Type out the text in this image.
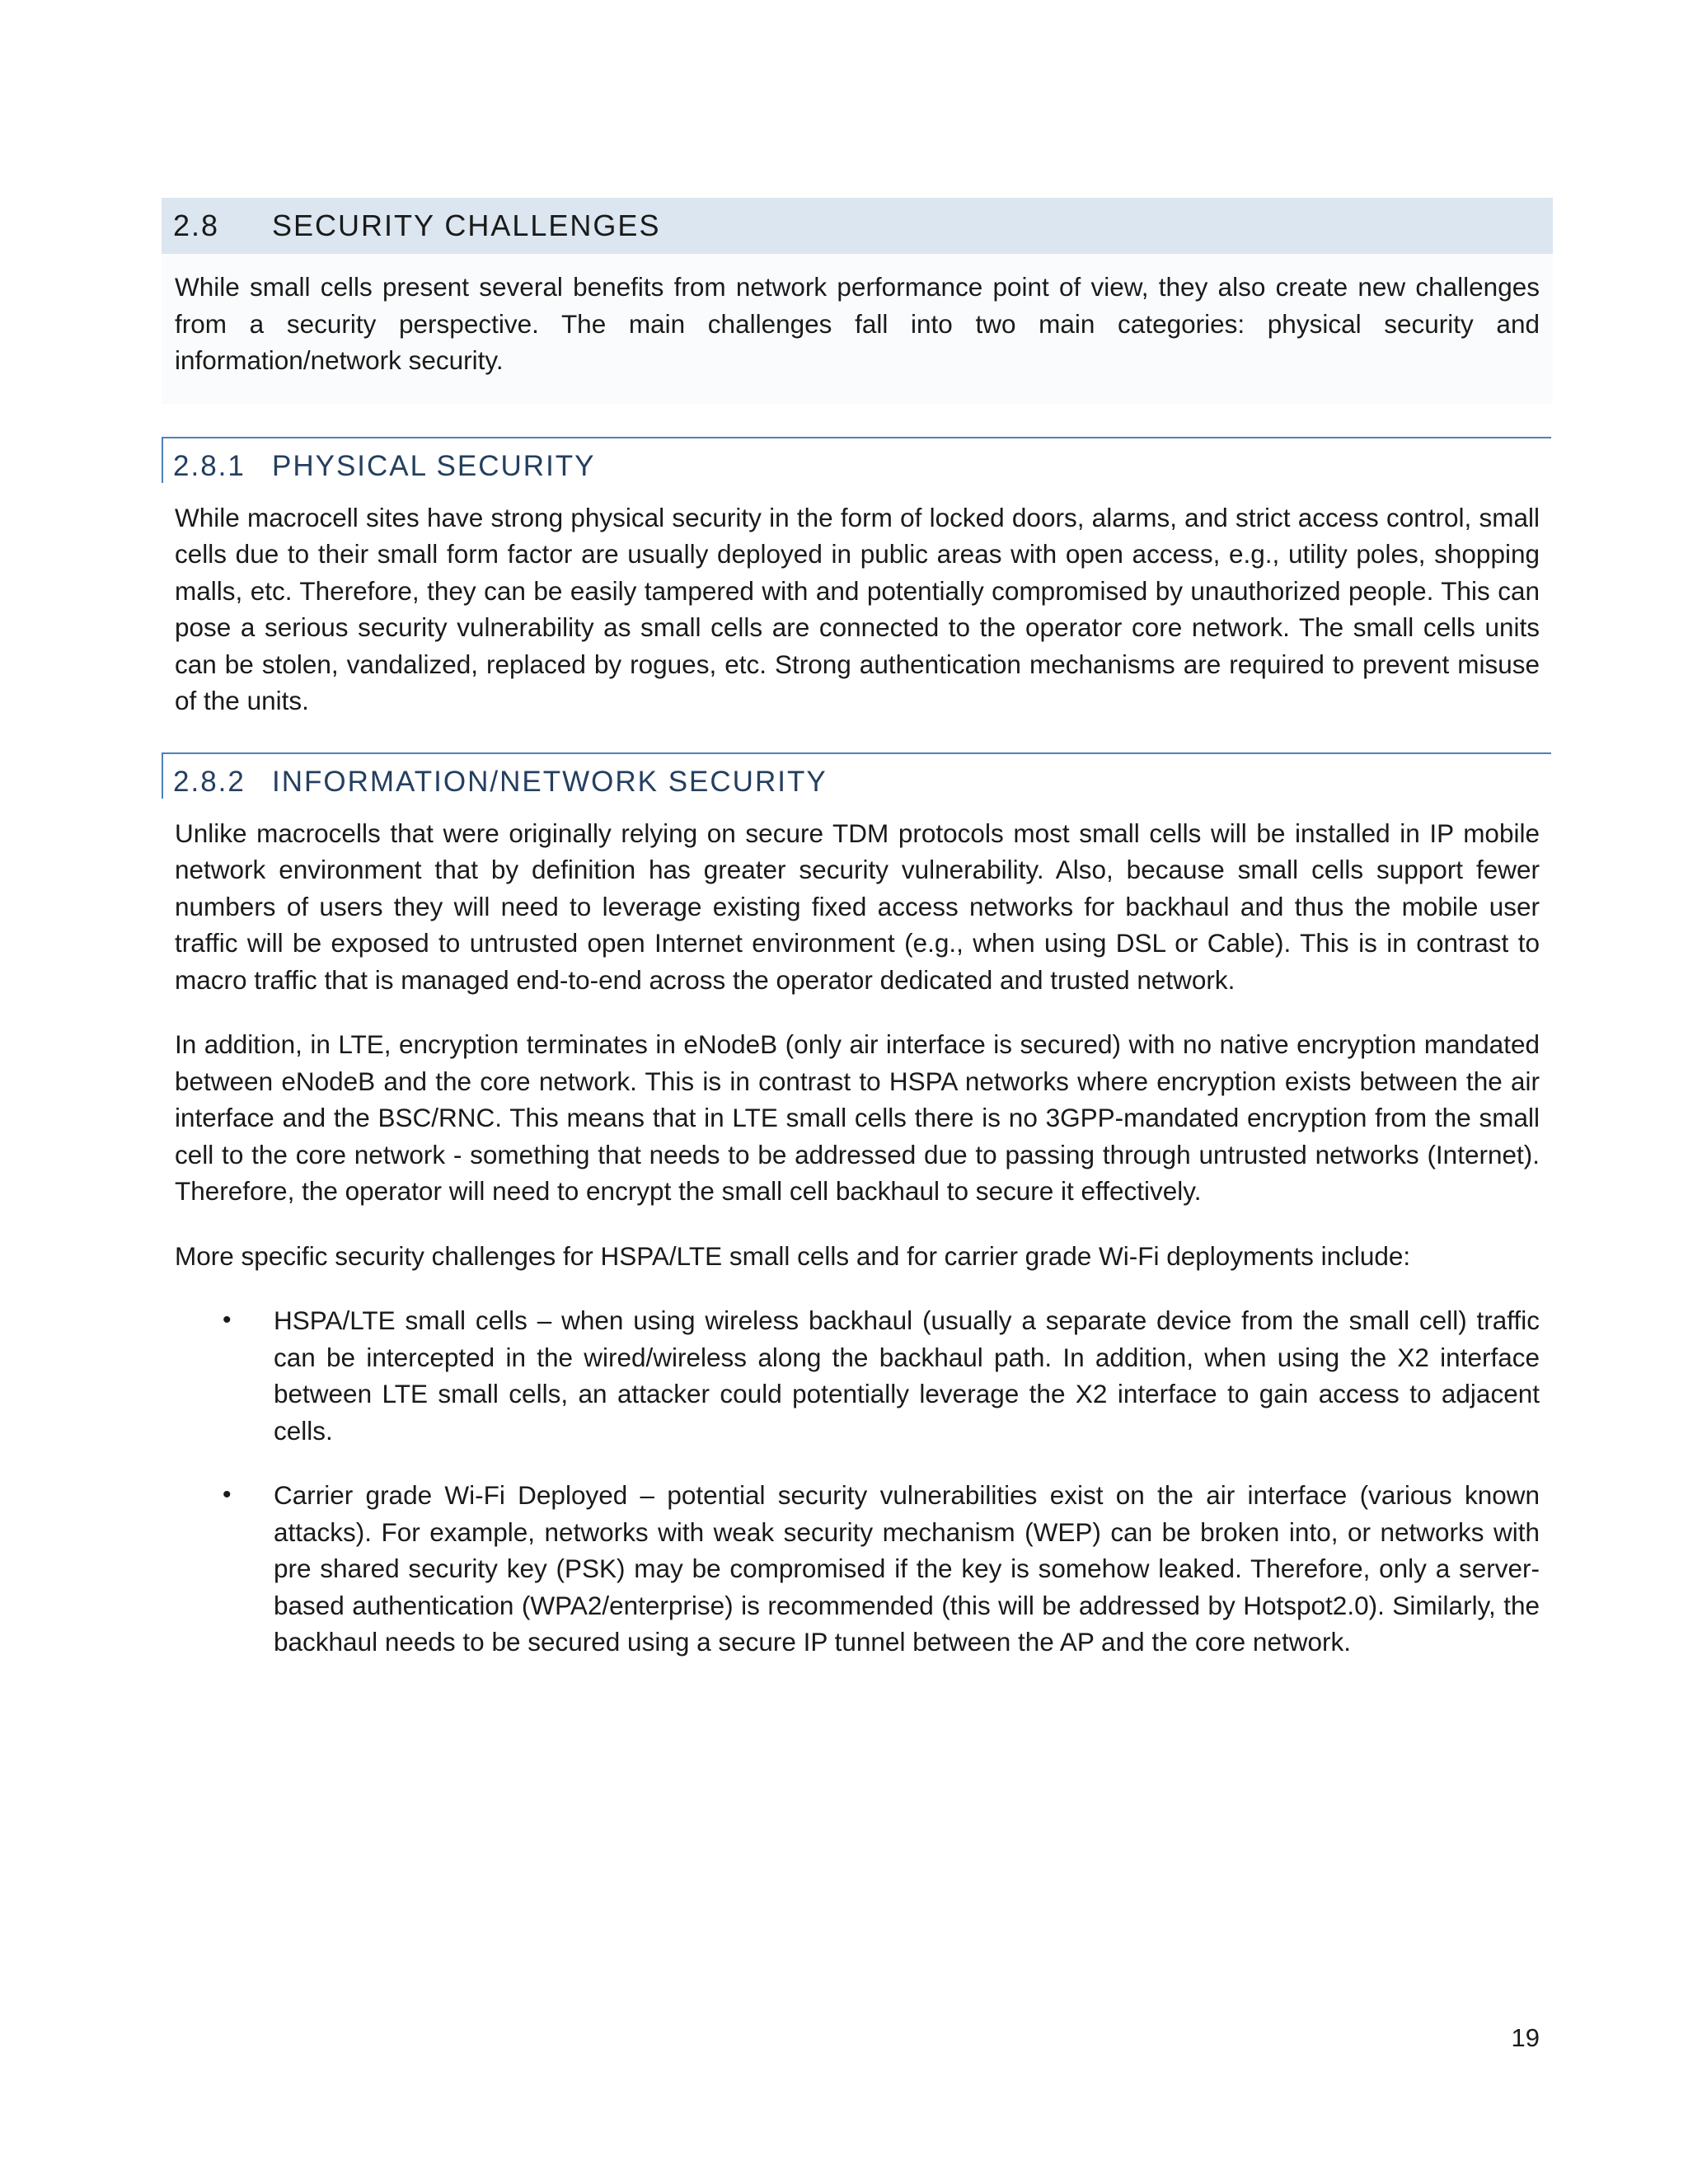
2.8	SECURITY CHALLENGES

While small cells present several benefits from network performance point of view, they also create new challenges from a security perspective. The main challenges fall into two main categories: physical security and information/network security.

2.8.1 PHYSICAL SECURITY

While macrocell sites have strong physical security in the form of locked doors, alarms, and strict access control, small cells due to their small form factor are usually deployed in public areas with open access, e.g., utility poles, shopping malls, etc. Therefore, they can be easily tampered with and potentially compromised by unauthorized people. This can pose a serious security vulnerability as small cells are connected to the operator core network. The small cells units can be stolen, vandalized, replaced by rogues, etc. Strong authentication mechanisms are required to prevent misuse of the units.

2.8.2 INFORMATION/NETWORK SECURITY

Unlike macrocells that were originally relying on secure TDM protocols most small cells will be installed in IP mobile network environment that by definition has greater security vulnerability. Also, because small cells support fewer numbers of users they will need to leverage existing fixed access networks for backhaul and thus the mobile user traffic will be exposed to untrusted open Internet environment (e.g., when using DSL or Cable). This is in contrast to macro traffic that is managed end-to-end across the operator dedicated and trusted network.

In addition, in LTE, encryption terminates in eNodeB (only air interface is secured) with no native encryption mandated between eNodeB and the core network. This is in contrast to HSPA networks where encryption exists between the air interface and the BSC/RNC. This means that in LTE small cells there is no 3GPP-mandated encryption from the small cell to the core network - something that needs to be addressed due to passing through untrusted networks (Internet). Therefore, the operator will need to encrypt the small cell backhaul to secure it effectively.

More specific security challenges for HSPA/LTE small cells and for carrier grade Wi-Fi deployments include:

• HSPA/LTE small cells – when using wireless backhaul (usually a separate device from the small cell) traffic can be intercepted in the wired/wireless along the backhaul path. In addition, when using the X2 interface between LTE small cells, an attacker could potentially leverage the X2 interface to gain access to adjacent cells.
• Carrier grade Wi-Fi Deployed – potential security vulnerabilities exist on the air interface (various known attacks). For example, networks with weak security mechanism (WEP) can be broken into, or networks with pre shared security key (PSK) may be compromised if the key is somehow leaked. Therefore, only a server-based authentication (WPA2/enterprise) is recommended (this will be addressed by Hotspot2.0). Similarly, the backhaul needs to be secured using a secure IP tunnel between the AP and the core network.
19
